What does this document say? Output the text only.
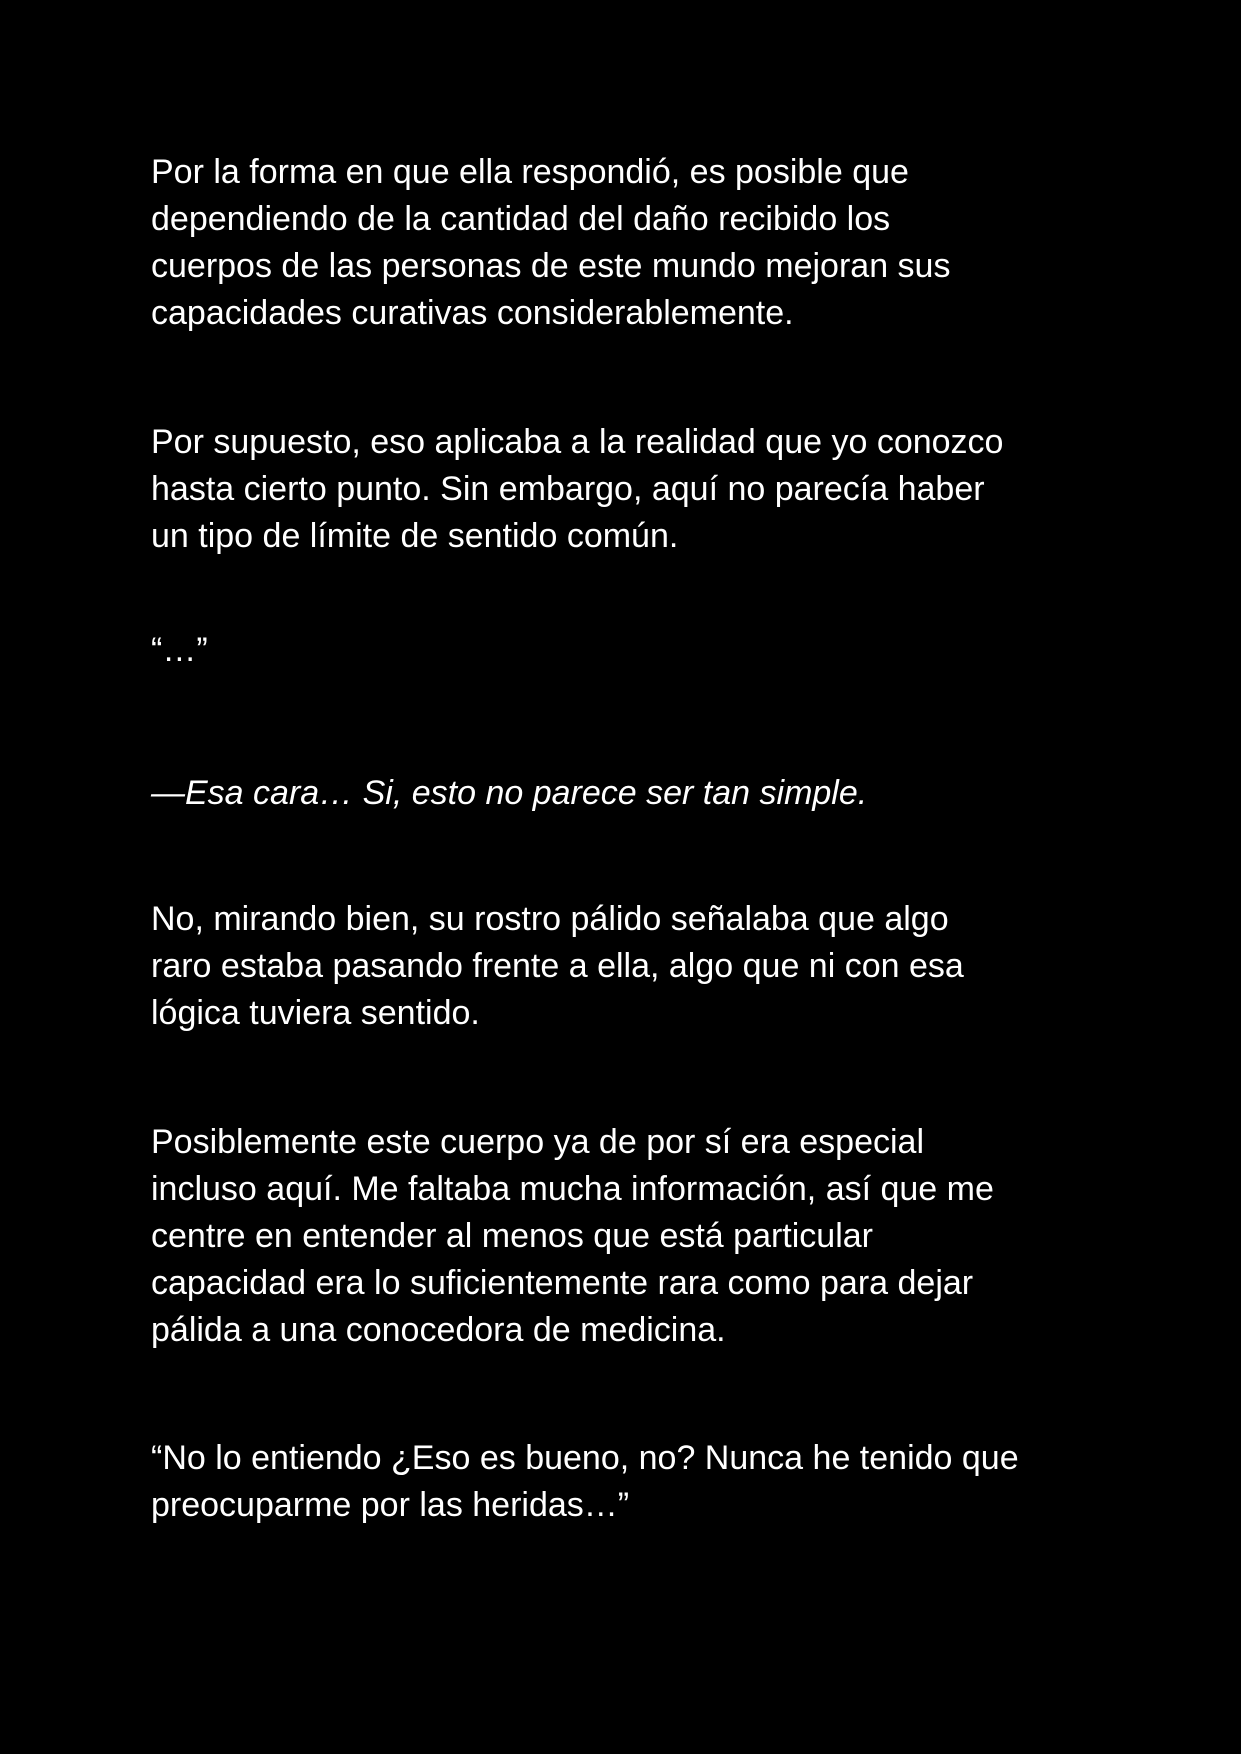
Por la forma en que ella respondió, es posible que
dependiendo de la cantidad del daño recibido los
cuerpos de las personas de este mundo mejoran sus
capacidades curativas considerablemente.

Por supuesto, eso aplicaba a la realidad que yo conozco
hasta cierto punto. Sin embargo, aquí no parecía haber
un tipo de límite de sentido común.

“…”

—Esa cara… Si, esto no parece ser tan simple.

No, mirando bien, su rostro pálido señalaba que algo
raro estaba pasando frente a ella, algo que ni con esa
lógica tuviera sentido.

Posiblemente este cuerpo ya de por sí era especial
incluso aquí. Me faltaba mucha información, así que me
centre en entender al menos que está particular
capacidad era lo suficientemente rara como para dejar
pálida a una conocedora de medicina.

“No lo entiendo ¿Eso es bueno, no? Nunca he tenido que
preocuparme por las heridas…”
